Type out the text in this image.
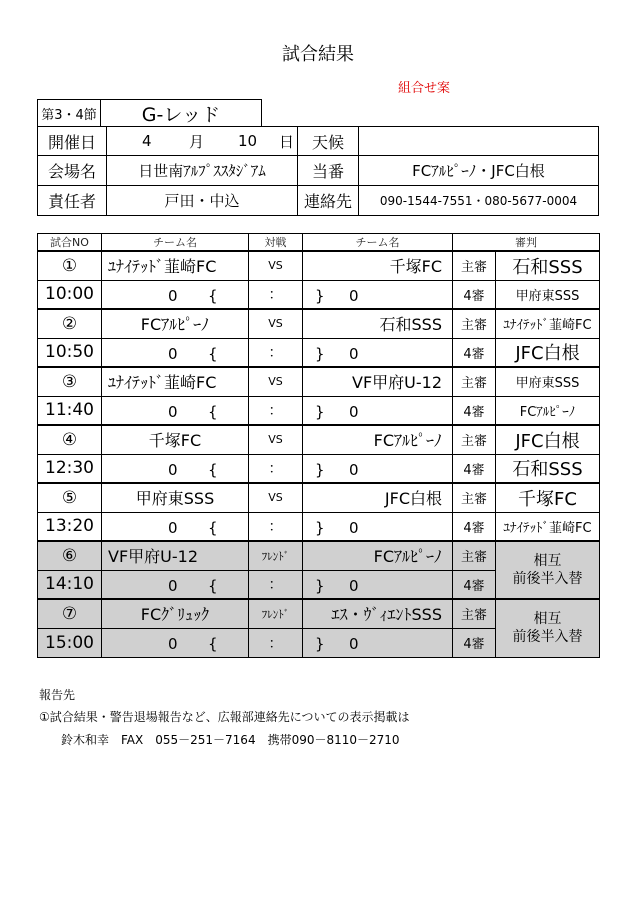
試合結果
組合せ案
第3・4節 G-レッド
開催日	4 月 10 日 天候
会場名	日世南ｱﾙﾌﾟｽｽﾀｼﾞｱﾑ	当番	FCｱﾙﾋﾟｰﾉ・JFC白根
責任者	戸田・中込	連絡先 090-1544-7551・080-5677-0004
試合NO	チーム名	対戦	チーム名	審判	
①	ﾕﾅｲﾃｯﾄﾞ韮崎FC	VS	千塚FC	主審	石和SSS
10:00	0 {	：	} 0	4審	甲府東SSS
②	FCｱﾙﾋﾟｰﾉ	VS	石和SSS	主審	ﾕﾅｲﾃｯﾄﾞ韮崎FC
10:50	0 {	：	} 0	4審	JFC白根
③	ﾕﾅｲﾃｯﾄﾞ韮崎FC	VS	VF甲府U-12	主審	甲府東SSS
11:40	0 {	：	} 0	4審	FCｱﾙﾋﾟｰﾉ
④	千塚FC	VS	FCｱﾙﾋﾟｰﾉ	主審	JFC白根
12:30	0 {	：	} 0	4審	石和SSS
⑤	甲府東SSS	VS	JFC白根	主審	千塚FC
13:20	0 {	：	} 0	4審	ﾕﾅｲﾃｯﾄﾞ韮崎FC
⑥	VF甲府U-12	ﾌﾚﾝﾄﾞ	FCｱﾙﾋﾟｰﾉ	主審	相互
前後半入替

14:10	0 {	：	} 0	4審	
⑦	FCｸﾞﾘｭｯｸ	ﾌﾚﾝﾄﾞ	ｴｽ・ｳﾞｨｴﾝﾄSSS	主審	相互
前後半入替

15:00	0 {	：	} 0	4審	
報告先
①試合結果・警告退場報告など、広報部連絡先についての表示掲載は
鈴木和幸　FAX　055－251－7164　携帯090－8110－2710
